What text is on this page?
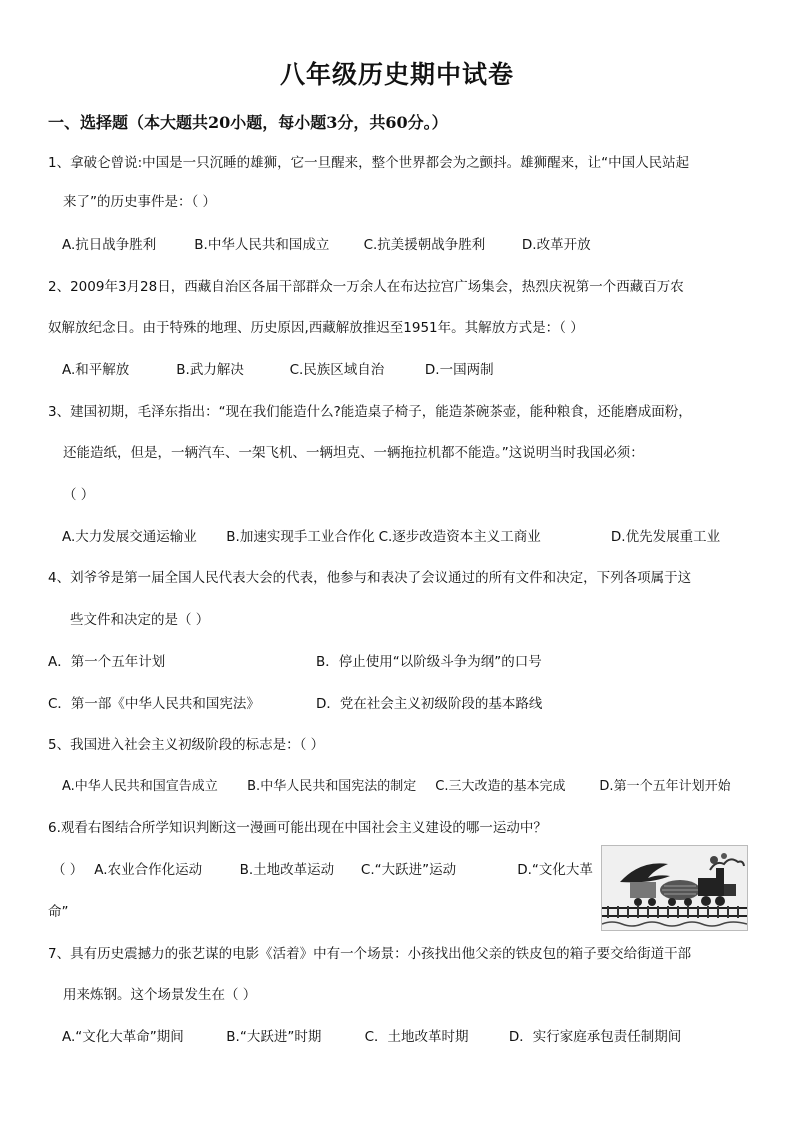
八年级历史期中试卷
一、选择题（本大题共20小题，每小题3分，共60分。）
1、拿破仑曾说:中国是一只沉睡的雄狮，它一旦醒来，整个世界都会为之颤抖。雄狮醒来，让“中国人民站起
来了”的历史事件是：（ ）
A.抗日战争胜利	B.中华人民共和国成立	C.抗美援朝战争胜利	D.改革开放
2、2009年3月28日，西藏自治区各届干部群众一万余人在布达拉宫广场集会，热烈庆祝第一个西藏百万农
奴解放纪念日。由于特殊的地理、历史原因,西藏解放推迟至1951年。其解放方式是：（ ）
A.和平解放	B.武力解决	C.民族区域自治	D.一国两制
3、建国初期，毛泽东指出：“现在我们能造什么?能造桌子椅子，能造茶碗茶壶，能种粮食，还能磨成面粉，
还能造纸，但是，一辆汽车、一架飞机、一辆坦克、一辆拖拉机都不能造。”这说明当时我国必须：
（ ）
A.大力发展交通运输业 B.加速实现手工业合作化 C.逐步改造资本主义工商业	D.优先发展重工业
4、刘爷爷是第一届全国人民代表大会的代表，他参与和表决了会议通过的所有文件和决定，下列各项属于这
些文件和决定的是（ ）
A．第一个五年计划	B．停止使用“以阶级斗争为纲”的口号
C．第一部《中华人民共和国宪法》	D．党在社会主义初级阶段的基本路线
5、我国进入社会主义初级阶段的标志是：（ ）
A.中华人民共和国宣告成立 B.中华人民共和国宪法的制定 C.三大改造的基本完成	D.第一个五年计划开始
6.观看右图结合所学知识判断这一漫画可能出现在中国社会主义建设的哪一运动中？
（ ） A.农业合作化运动	B.土地改革运动 C.“大跃进”运动	D.“文化大革
命”
7、具有历史震撼力的张艺谋的电影《活着》中有一个场景：小孩找出他父亲的铁皮包的箱子要交给街道干部
用来炼钢。这个场景发生在（ ）
A.“文化大革命”期间	B.“大跃进”时期	C．土地改革时期	D．实行家庭承包责任制期间
